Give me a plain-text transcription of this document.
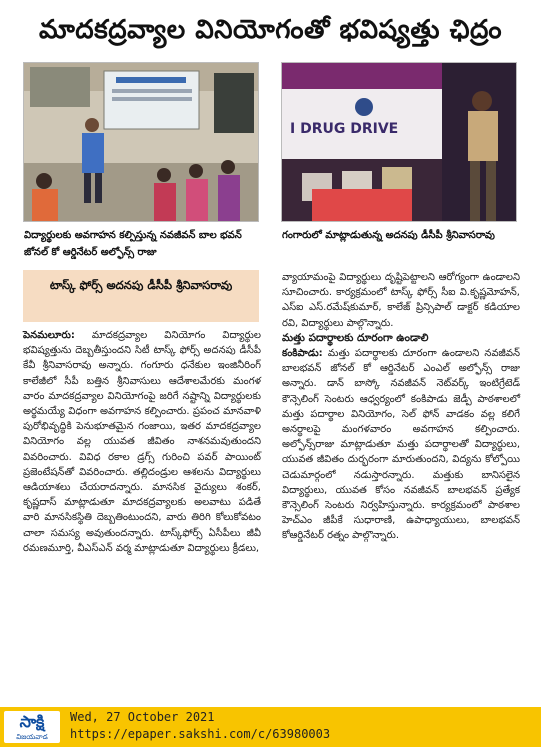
మాదకద్రవ్యాల వినియోగంతో భవిష్యత్తు ఛిద్రం
I DRUG DRIVE
విద్యార్థులకు అవగాహన కల్పిస్తున్న నవజీవన్ బాల భవన్ జోనల్ కో ఆర్డినేటర్ అల్ఫోన్స్ రాజు
గంగారులో మాట్లాడుతున్న అదనపు డీసీపీ శ్రీనివాసరావు
టాస్క్ ఫోర్స్ అదనపు డీసీపీ శ్రీనివాసరావు
పెనమలూరు: మాదకద్రవ్యాల వినియోగం విద్యార్థుల భవిష్యత్తును దెబ్బతీస్తుందని సిటీ టాస్క్ ఫోర్స్ అదనపు డీసీపీ కేవీ శ్రీనివాసరావు అన్నారు. గంగూరు ధనేకుల ఇంజినీరింగ్ కాలేజీలో సీపీ బత్తిన శ్రీనివాసులు ఆదేశాలమేరకు మంగళ వారం మాదకద్రవ్యాల వినియోగంపై జరిగే నష్టాన్ని విద్యార్థులకు అర్థమయ్యే విధంగా అవగాహన కల్పించారు. ప్రపంచ మానవాళి పురోభివృద్ధికి పెనుభూతమైన గంజాయి, ఇతర మాదకద్రవ్యాల వినియోగం వల్ల యువత జీవితం నాశనమవుతుందని వివరించారు. వివిధ రకాల డ్రగ్స్ గురించి పవర్ పాయింట్ ప్రజెంటేషన్‌తో వివరించారు. తల్లిదండ్రుల ఆశలను విద్యార్థులు ఆడియాశలు చేయరాదన్నారు. మానసిక వైద్యులు శంకర్, కృష్ణదాస్ మాట్లాడుతూ మాదకద్రవ్యాలకు అలవాటు పడితే వారి మానసికస్థితి దెబ్బతింటుందని, వారు తిరిగి కోలుకోవటం చాలా సమస్య అవుతుందన్నారు. టాస్క్‌ఫోర్స్ ఏసీపీలు జీవీ రమణమూర్తి, వీఎస్ఎన్ వర్మ మాట్లాడుతూ విద్యార్థులు క్రీడలు,
వ్యాయామంపై విద్యార్థులు దృష్టిపెట్టాలని ఆరోగ్యంగా ఉండాలని సూచించారు. కార్యక్రమంలో టాస్క్ ఫోర్స్ సీఐ వి.కృష్ణమోహన్, ఎస్ఐ ఎస్.రమేష్‌కుమార్, కాలేజ్ ప్రిన్సిపాల్ డాక్టర్ కడియాల రవి, విద్యార్థులు పాల్గొన్నారు.
మత్తు పదార్థాలకు దూరంగా ఉండాలి
కంకిపాడు: మత్తు పదార్థాలకు దూరంగా ఉండాలని నవజీవన్ బాలభవన్ జోనల్ కో ఆర్డినేటర్ ఎంఎల్ అల్ఫోన్స్ రాజు అన్నారు. డాన్ బాస్కో నవజీవన్ నెట్‌వర్క్ ఇంటిగ్రేటెడ్ కౌన్సెలింగ్ సెంటరు ఆధ్వర్యంలో కంకిపాడు జెడ్పీ పాఠశాలలో మత్తు పదార్థాల వినియోగం, సెల్ ఫోన్ వాడకం వల్ల కలిగే అనర్థాలపై మంగళవారం అవగాహన కల్పించారు. అల్ఫోన్స్‌రాజు మాట్లాడుతూ మత్తు పదార్థాలతో విద్యార్థులు, యువత జీవితం దుర్భరంగా మారుతుందని, విద్యను కోల్పోయి చెడుమార్గంలో నడుస్తారన్నారు. మత్తుకు బానిసలైన విద్యార్థులు, యువత కోసం నవజీవన్ బాలభవన్ ప్రత్యేక కౌన్సెలింగ్ సెంటరు నిర్వహిస్తున్నారు. కార్యక్రమంలో పాఠశాల హెచ్ఎం జీపీకే సుధారాణి, ఉపాధ్యాయులు, బాలభవన్ కోఆర్డినేటర్ రత్నం పాల్గొన్నారు.
సాక్షి
విజయవాడ
Wed, 27 October 2021
https://epaper.sakshi.com/c/63980003
